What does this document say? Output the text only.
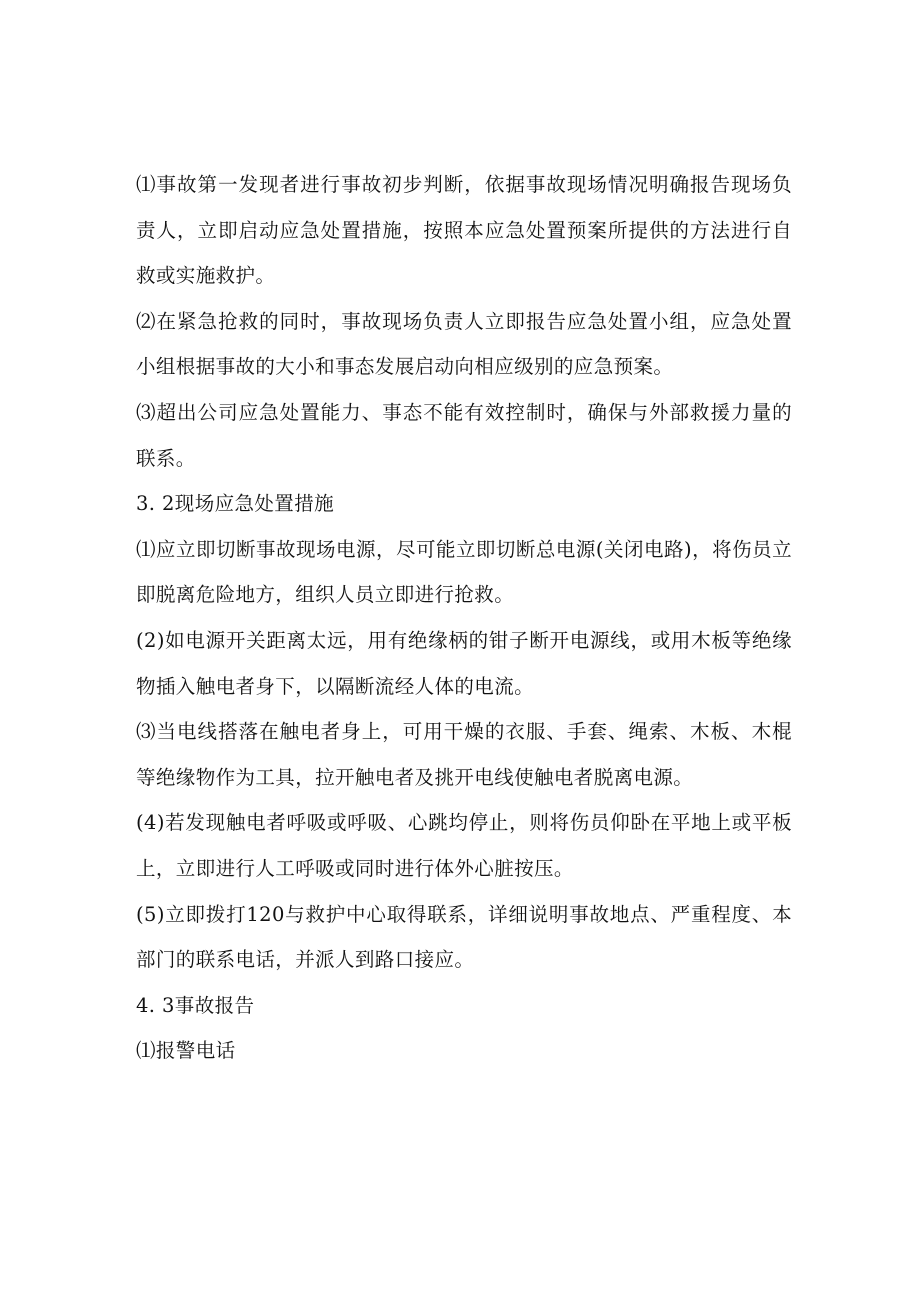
⑴事故第一发现者进行事故初步判断，依据事故现场情况明确报告现场负责人，立即启动应急处置措施，按照本应急处置预案所提供的方法进行自救或实施救护。

⑵在紧急抢救的同时，事故现场负责人立即报告应急处置小组，应急处置小组根据事故的大小和事态发展启动向相应级别的应急预案。

⑶超出公司应急处置能力、事态不能有效控制时，确保与外部救援力量的联系。

3. 2现场应急处置措施

⑴应立即切断事故现场电源，尽可能立即切断总电源(关闭电路)，将伤员立即脱离危险地方，组织人员立即进行抢救。

(2)如电源开关距离太远，用有绝缘柄的钳子断开电源线，或用木板等绝缘物插入触电者身下，以隔断流经人体的电流。

⑶当电线搭落在触电者身上，可用干燥的衣服、手套、绳索、木板、木棍等绝缘物作为工具，拉开触电者及挑开电线使触电者脱离电源。

(4)若发现触电者呼吸或呼吸、心跳均停止，则将伤员仰卧在平地上或平板上，立即进行人工呼吸或同时进行体外心脏按压。

(5)立即拨打120与救护中心取得联系，详细说明事故地点、严重程度、本部门的联系电话，并派人到路口接应。

4. 3事故报告

⑴报警电话
